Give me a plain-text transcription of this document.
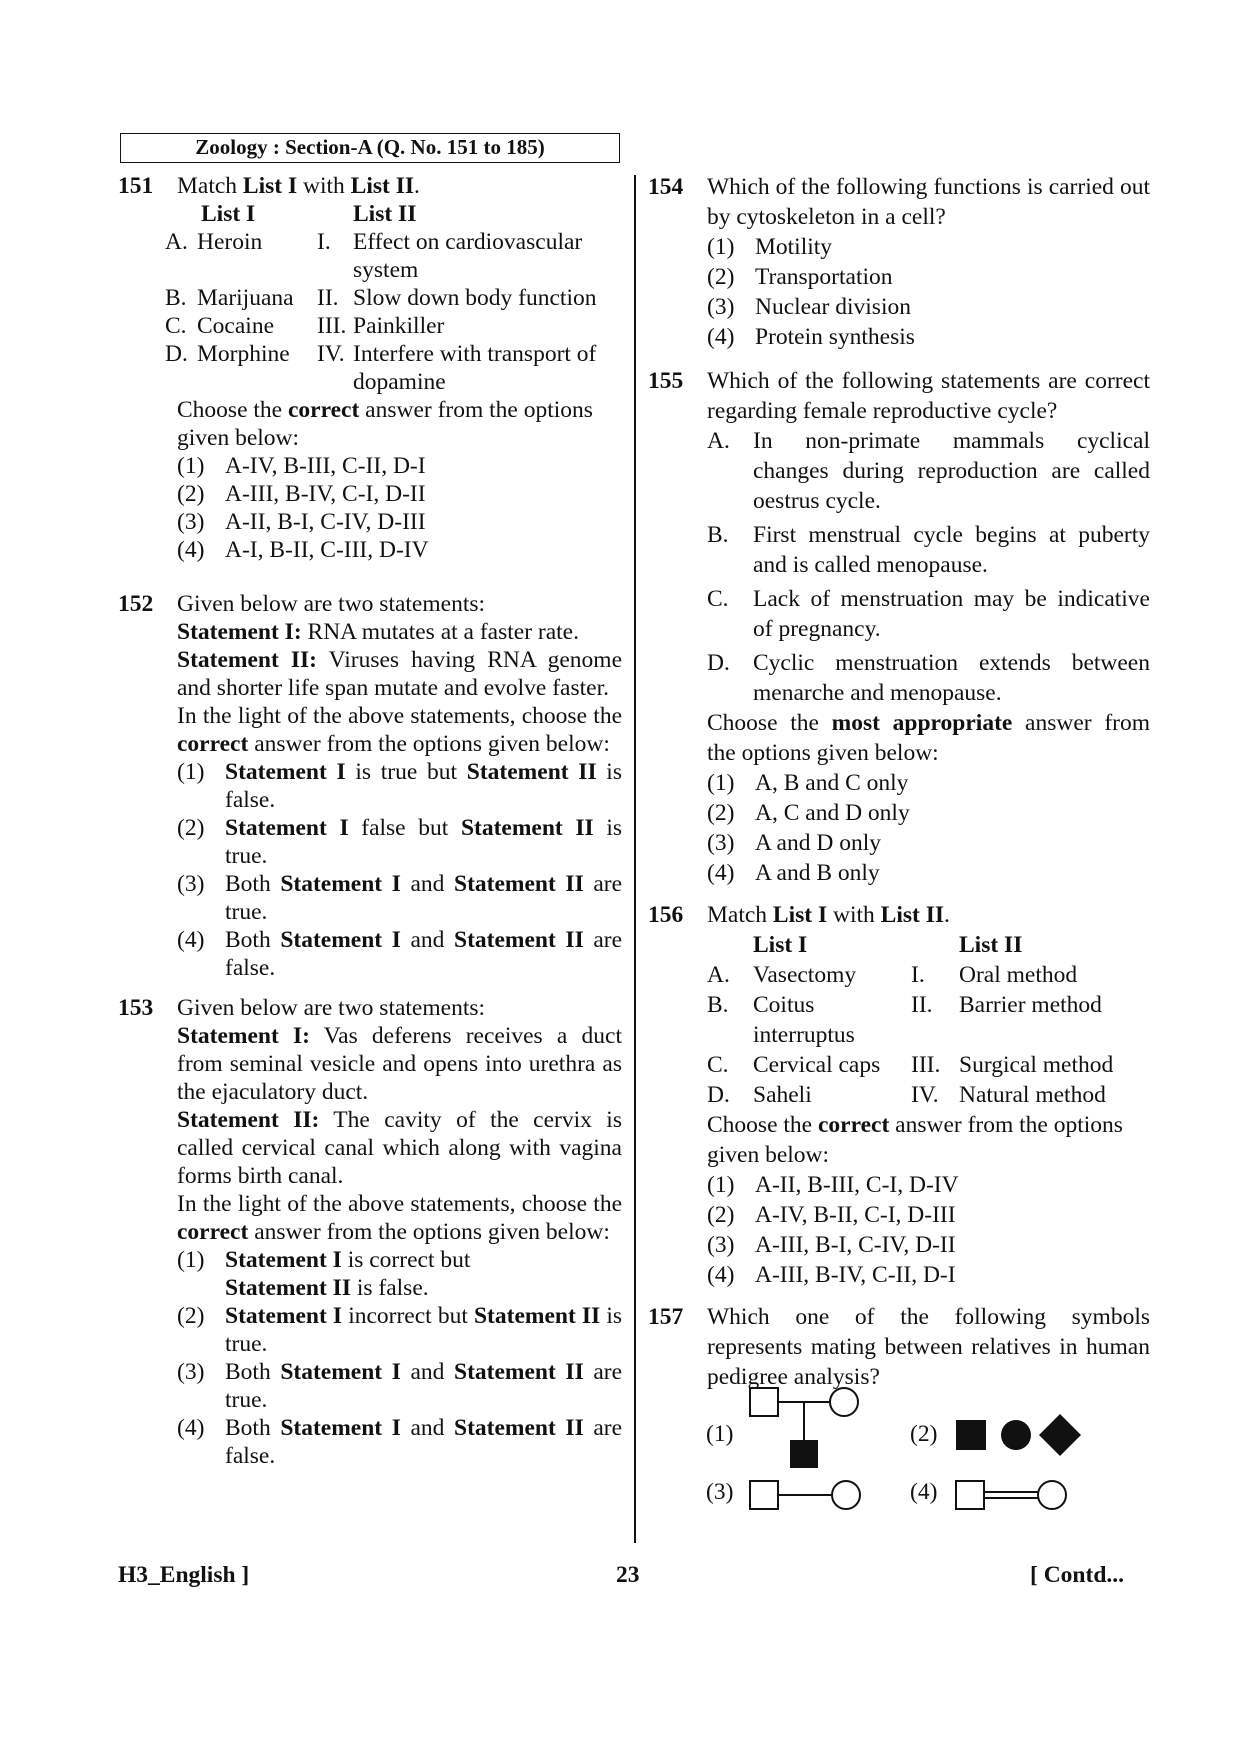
Zoology : Section-A (Q. No. 151 to 185)
151 Match List I with List II.
	List I		List II
A.	Heroin	I.	Effect on cardiovascular system
B.	Marijuana	II.	Slow down body function
C.	Cocaine	III.	Painkiller
D.	Morphine	IV.	Interfere with transport of dopamine
Choose the correct answer from the options given below:
(1) A-IV, B-III, C-II, D-I
(2) A-III, B-IV, C-I, D-II
(3) A-II, B-I, C-IV, D-III
(4) A-I, B-II, C-III, D-IV
152 Given below are two statements:
Statement I: RNA mutates at a faster rate.
Statement II: Viruses having RNA genome and shorter life span mutate and evolve faster.
In the light of the above statements, choose the correct answer from the options given below:
(1) Statement I is true but Statement II is false.
(2) Statement I false but Statement II is true.
(3) Both Statement I and Statement II are true.
(4) Both Statement I and Statement II are false.
153 Given below are two statements:
Statement I: Vas deferens receives a duct from seminal vesicle and opens into urethra as the ejaculatory duct.
Statement II: The cavity of the cervix is called cervical canal which along with vagina forms birth canal.
In the light of the above statements, choose the correct answer from the options given below:
(1) Statement I is correct but
Statement II is false.
(2) Statement I incorrect but Statement II is true.
(3) Both Statement I and Statement II are true.
(4) Both Statement I and Statement II are false.
154 Which of the following functions is carried out by cytoskeleton in a cell?
(1) Motility
(2) Transportation
(3) Nuclear division
(4) Protein synthesis
155 Which of the following statements are correct regarding female reproductive cycle?
A. In non-primate mammals cyclical changes during reproduction are called oestrus cycle.
B. First menstrual cycle begins at puberty and is called menopause.
C. Lack of menstruation may be indicative of pregnancy.
D. Cyclic menstruation extends between menarche and menopause.
Choose the most appropriate answer from the options given below:
(1) A, B and C only
(2) A, C and D only
(3) A and D only
(4) A and B only
156 Match List I with List II.
	List I		List II
A.	Vasectomy	I.	Oral method
B.	Coitus interruptus	II.	Barrier method
C.	Cervical caps	III.	Surgical method
D.	Saheli	IV.	Natural method
Choose the correct answer from the options given below:
(1) A-II, B-III, C-I, D-IV
(2) A-IV, B-II, C-I, D-III
(3) A-III, B-I, C-IV, D-II
(4) A-III, B-IV, C-II, D-I
157 Which one of the following symbols represents mating between relatives in human pedigree analysis?
(1)	(2)
(3)	(4)
H3_English ]	23	[ Contd...
